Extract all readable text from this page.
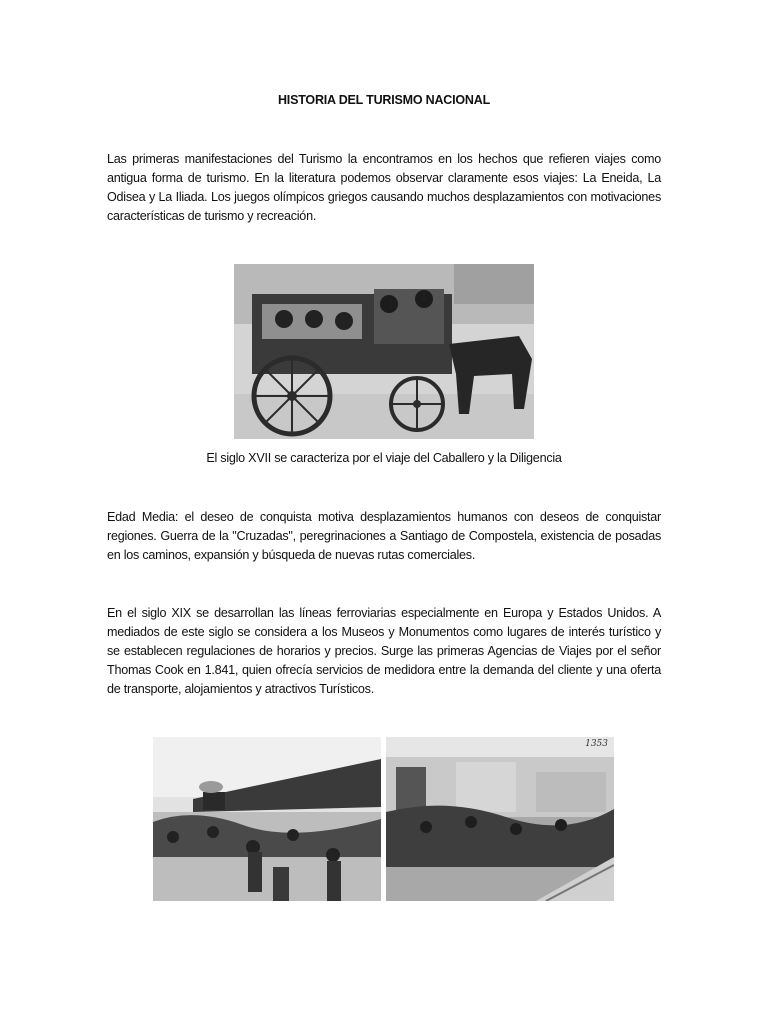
HISTORIA DEL TURISMO NACIONAL
Las primeras manifestaciones del Turismo la encontramos en los hechos que refieren viajes como antigua forma de turismo. En la literatura podemos observar claramente esos viajes: La Eneida, La Odisea y La Iliada. Los juegos olímpicos griegos causando muchos desplazamientos con motivaciones características de turismo y recreación.
El siglo XVII se caracteriza por el viaje del Caballero y la Diligencia
Edad Media: el deseo de conquista motiva desplazamientos humanos con deseos de conquistar regiones. Guerra de la "Cruzadas", peregrinaciones a Santiago de Compostela, existencia de posadas en los caminos, expansión y búsqueda de nuevas rutas comerciales.
En el siglo XIX se desarrollan las líneas ferroviarias especialmente en Europa y Estados Unidos. A mediados de este siglo se considera a los Museos y Monumentos como lugares de interés turístico y se establecen regulaciones de horarios y precios. Surge las primeras Agencias de Viajes por el señor Thomas Cook en 1.841, quien ofrecía servicios de medidora entre la demanda del cliente y una oferta de transporte, alojamientos y atractivos Turísticos.
1353
